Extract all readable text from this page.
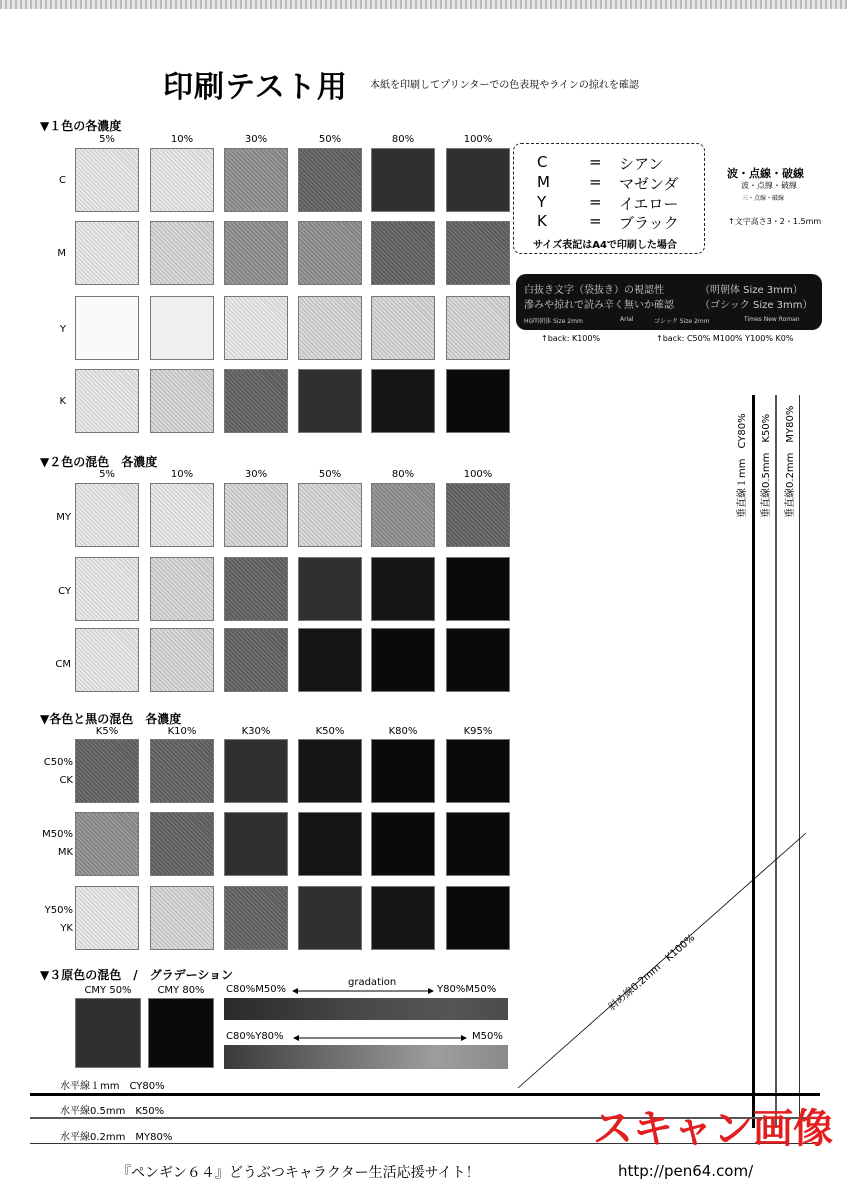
印刷テスト用 本紙を印刷してプリンターでの色表現やラインの掠れを確認
▼１色の各濃度
5%	10%	30%	50%	80%	100%
C
M
Y
K
▼２色の混色　各濃度
5%	10%	30%	50%	80%	100%
MY
CY
CM
▼各色と黒の混色　各濃度
K5%	K10%	K30%	K50%	K80%	K95%
C50%
CK
M50%
MK
Y50%
YK
▼３原色の混色　/　グラデーション
CMY 50%	CMY 80%	C80%M50%
gradation
Y80%M50%
C80%Y80%	M50%
C	= シアン
M	= マゼンダ
Y	= イエロー
K	= ブラック
サイズ表記はA4で印刷した場合
波・点線・破線
波・点線・破線
三・点線・破線
↑文字高さ3・2・1.5mm
白抜き文字（袋抜き）の視認性	（明朝体 Size 3mm）
滲みや掠れで読み辛く無いか確認	（ゴシック Size 3mm）
HG明朝体 Size 2mm	Arial	ゴシック Size 2mm	Times New Roman
↑back: K100%	↑back: C50% M100% Y100% K0%
垂直線１mm　CY80%	垂直線0.5mm　K50%	垂直線0.2mm　MY80%
斜め線0.2mm　K100%
水平線１mm　CY80%
水平線0.5mm　K50%
水平線0.2mm　MY80%	スキャン画像
『ペンギン６４』どうぶつキャラクター生活応援サイト！	http://pen64.com/
